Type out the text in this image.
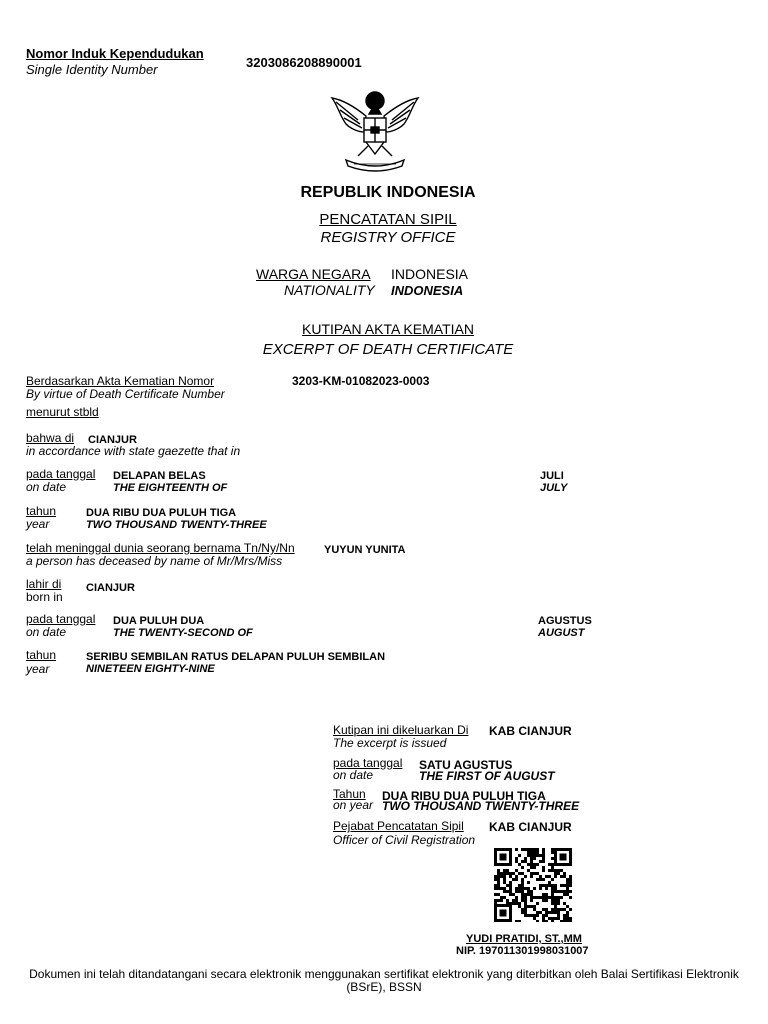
Nomor Induk Kependudukan
Single Identity Number	3203086208890001
REPUBLIK INDONESIA
PENCATATAN SIPIL
REGISTRY OFFICE
WARGA NEGARA INDONESIA
NATIONALITY INDONESIA
KUTIPAN AKTA KEMATIAN
EXCERPT OF DEATH CERTIFICATE
Berdasarkan Akta Kematian Nomor
By virtue of Death Certificate Number
3203-KM-01082023-0003
menurut stbld
bahwa di CIANJUR
in accordance with state gaezette that in
pada tanggal
on date
DELAPAN BELAS
THE EIGHTEENTH OF
JULI
JULY
tahun
year
DUA RIBU DUA PULUH TIGA
TWO THOUSAND TWENTY-THREE
telah meninggal dunia seorang bernama Tn/Ny/Nn	YUYUN YUNITA
a person has deceased by name of Mr/Mrs/Miss
lahir di CIANJUR
born in
pada tanggal
on date
DUA PULUH DUA
THE TWENTY-SECOND OF
AGUSTUS
AUGUST
tahun
year
SERIBU SEMBILAN RATUS DELAPAN PULUH SEMBILAN
NINETEEN EIGHTY-NINE
Kutipan ini dikeluarkan Di KAB CIANJUR
The excerpt is issued
pada tanggal
on date
SATU AGUSTUS
THE FIRST OF AUGUST
Tahun
on year
DUA RIBU DUA PULUH TIGA
TWO THOUSAND TWENTY-THREE
Pejabat Pencatatan Sipil KAB CIANJUR
Officer of Civil Registration
YUDI PRATIDI, ST.,MM
NIP. 197011301998031007
Dokumen ini telah ditandatangani secara elektronik menggunakan sertifikat elektronik yang diterbitkan oleh Balai Sertifikasi Elektronik (BSrE), BSSN
